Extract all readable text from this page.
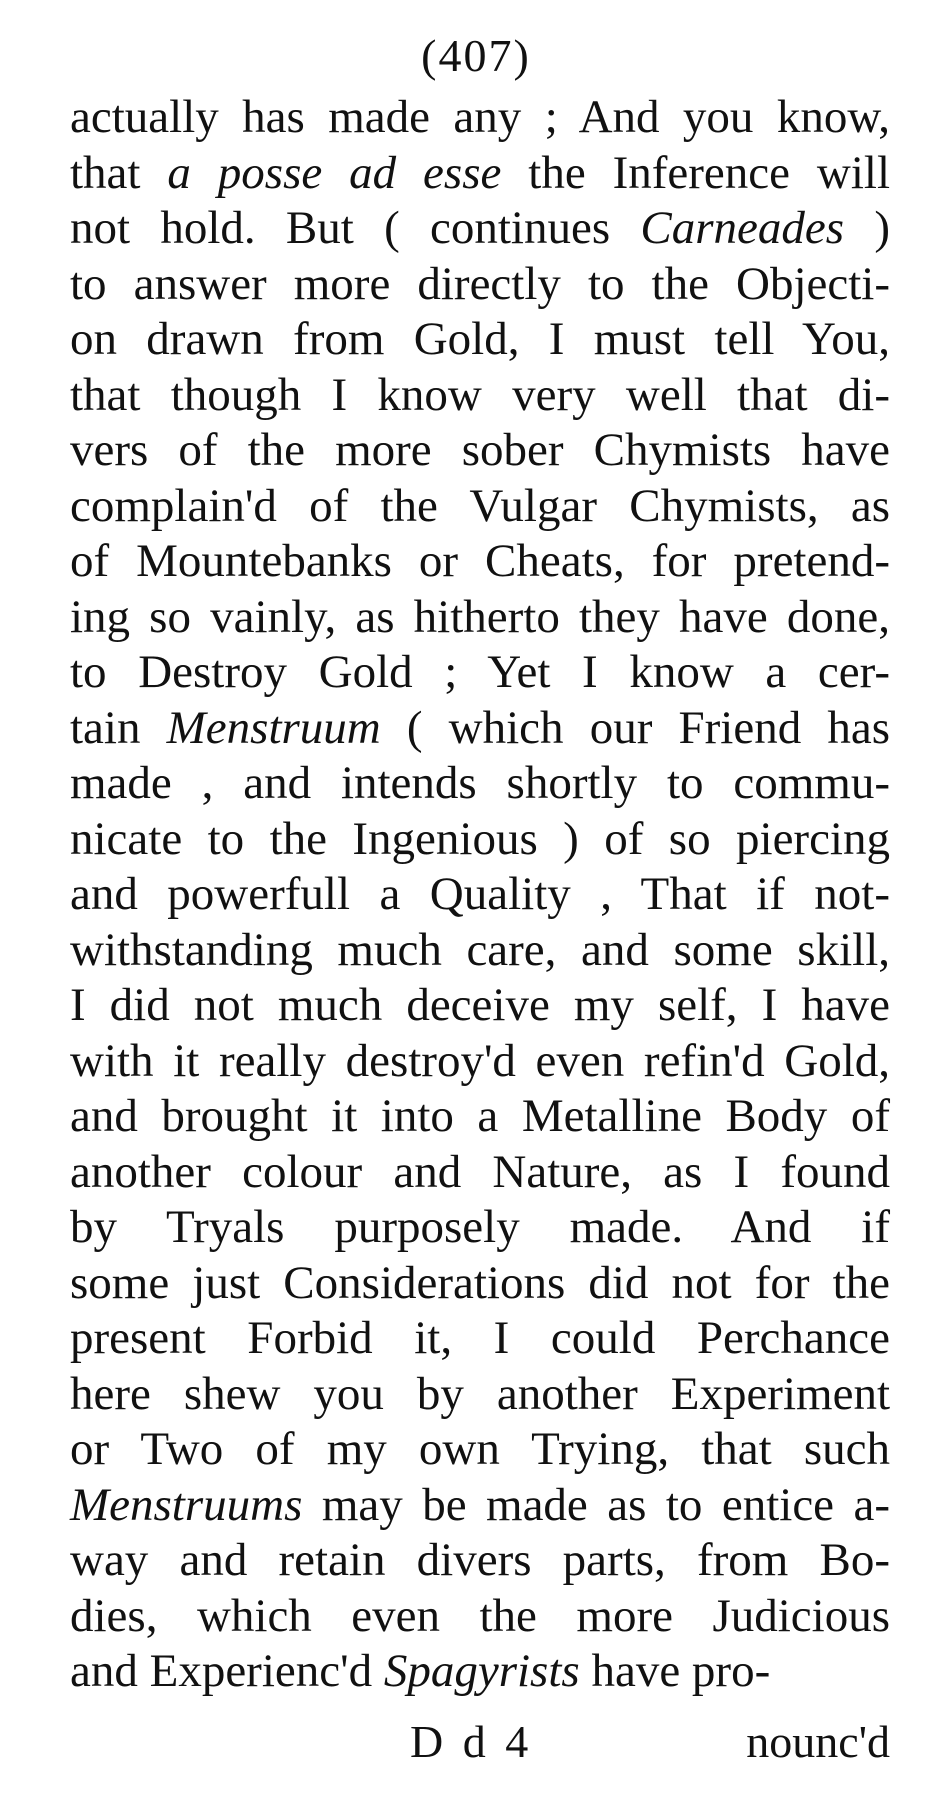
(407)
actually has made any ; And you know,
that a posse ad esse the Inference will
not hold. But ( continues Carneades )
to answer more directly to the Objecti-
on drawn from Gold, I must tell You,
that though I know very well that di-
vers of the more sober Chymists have
complain'd of the Vulgar Chymists, as
of Mountebanks or Cheats, for pretend-
ing so vainly, as hitherto they have done,
to Destroy Gold ; Yet I know a cer-
tain Menstruum ( which our Friend has
made , and intends shortly to commu-
nicate to the Ingenious ) of so piercing
and powerfull a Quality , That if not-
withstanding much care, and some skill,
I did not much deceive my self, I have
with it really destroy'd even refin'd Gold,
and brought it into a Metalline Body of
another colour and Nature, as I found
by Tryals purposely made. And if
some just Considerations did not for the
present Forbid it, I could Perchance
here shew you by another Experiment
or Two of my own Trying, that such
Menstruums may be made as to entice a-
way and retain divers parts, from Bo-
dies, which even the more Judicious
and Experienc'd Spagyrists have pro-
D d 4	nounc'd
